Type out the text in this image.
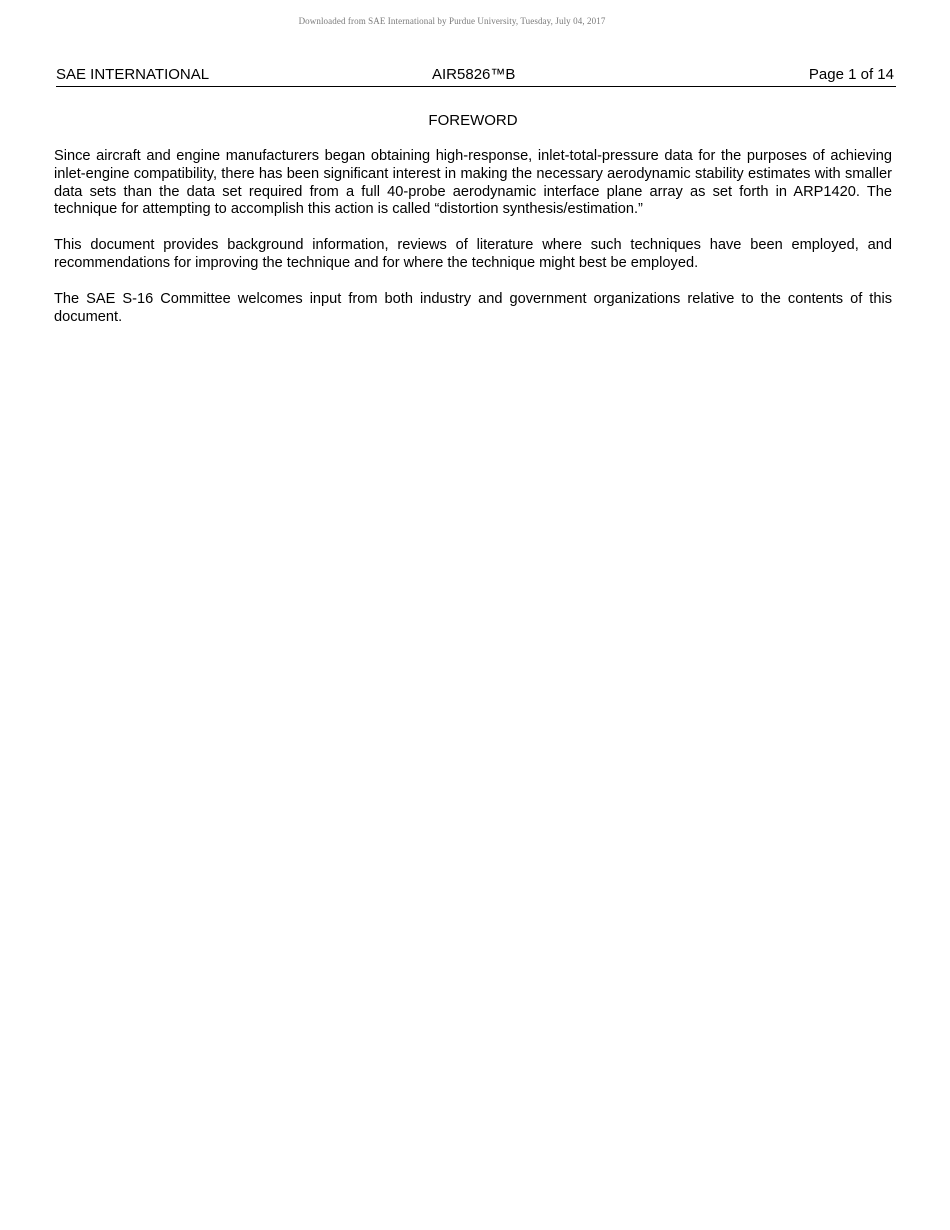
Downloaded from SAE International by Purdue University, Tuesday, July 04, 2017
SAE INTERNATIONAL	AIR5826™B	Page 1 of 14
FOREWORD

Since aircraft and engine manufacturers began obtaining high-response, inlet-total-pressure data for the purposes of achieving inlet-engine compatibility, there has been significant interest in making the necessary aerodynamic stability estimates with smaller data sets than the data set required from a full 40-probe aerodynamic interface plane array as set forth in ARP1420. The technique for attempting to accomplish this action is called “distortion synthesis/estimation.”

This document provides background information, reviews of literature where such techniques have been employed, and recommendations for improving the technique and for where the technique might best be employed.

The SAE S-16 Committee welcomes input from both industry and government organizations relative to the contents of this document.
